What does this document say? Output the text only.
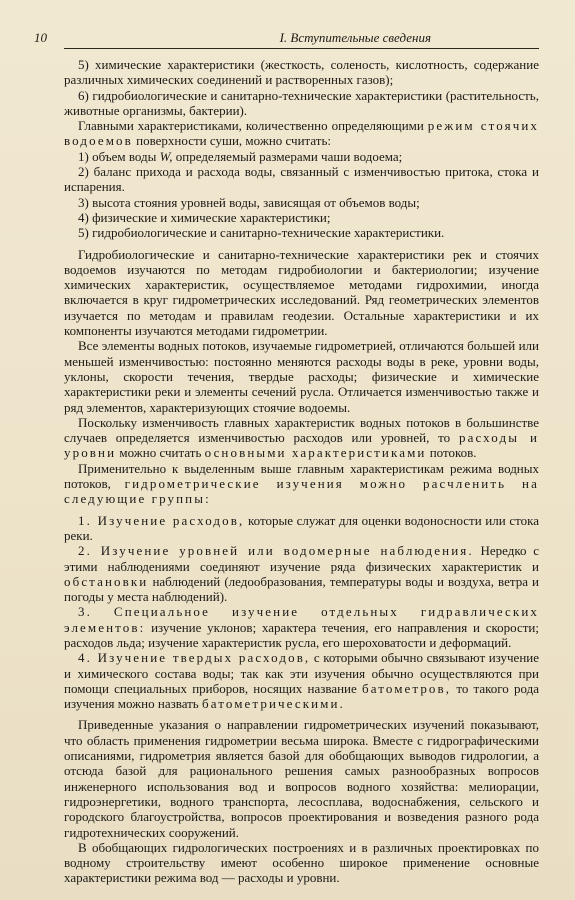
10	I. Вступительные сведения

5) химические характеристики (жесткость, соленость, кислотность, содержание различных химических соединений и растворенных газов);

6) гидробиологические и санитарно-технические характеристики (растительность, животные организмы, бактерии).

Главными характеристиками, количественно определяющими режим стоячих водоемов поверхности суши, можно считать:

1) объем воды W, определяемый размерами чаши водоема;

2) баланс прихода и расхода воды, связанный с изменчивостью притока, стока и испарения.

3) высота стояния уровней воды, зависящая от объемов воды;

4) физические и химические характеристики;

5) гидробиологические и санитарно-технические характеристики.

Гидробиологические и санитарно-технические характеристики рек и стоячих водоемов изучаются по методам гидробиологии и бактериологии; изучение химических характеристик, осуществляемое методами гидрохимии, иногда включается в круг гидрометрических исследований. Ряд геометрических элементов изучается по методам и правилам геодезии. Остальные характеристики и их компоненты изучаются методами гидрометрии.

Все элементы водных потоков, изучаемые гидрометрией, отличаются большей или меньшей изменчивостью: постоянно меняются расходы воды в реке, уровни воды, уклоны, скорости течения, твердые расходы; физические и химические характеристики реки и элементы сечений русла. Отличается изменчивостью также и ряд элементов, характеризующих стоячие водоемы.

Поскольку изменчивость главных характеристик водных потоков в большинстве случаев определяется изменчивостью расходов или уровней, то расходы и уровни можно считать основными характеристиками потоков.

Применительно к выделенным выше главным характеристикам режима водных потоков, гидрометрические изучения можно расчленить на следующие группы:

1. Изучение расходов, которые служат для оценки водоносности или стока реки.

2. Изучение уровней или водомерные наблюдения. Нередко с этими наблюдениями соединяют изучение ряда физических характеристик и обстановки наблюдений (ледообразования, температуры воды и воздуха, ветра и погоды у места наблюдений).

3. Специальное изучение отдельных гидравлических элементов: изучение уклонов; характера течения, его направления и скорости; расходов льда; изучение характеристик русла, его шероховатости и деформаций.

4. Изучение твердых расходов, с которыми обычно связывают изучение и химического состава воды; так как эти изучения обычно осуществляются при помощи специальных приборов, носящих название батометров, то такого рода изучения можно назвать батометрическими.

Приведенные указания о направлении гидрометрических изучений показывают, что область применения гидрометрии весьма широка. Вместе с гидрографическими описаниями, гидрометрия является базой для обобщающих выводов гидрологии, а отсюда базой для рационального решения самых разнообразных вопросов инженерного использования вод и вопросов водного хозяйства: мелиорации, гидроэнергетики, водного транспорта, лесосплава, водоснабжения, сельского и городского благоустройства, вопросов проектирования и возведения разного рода гидротехнических сооружений.

В обобщающих гидрологических построениях и в различных проектировках по водному строительству имеют особенно широкое применение основные характеристики режима вод — расходы и уровни.
